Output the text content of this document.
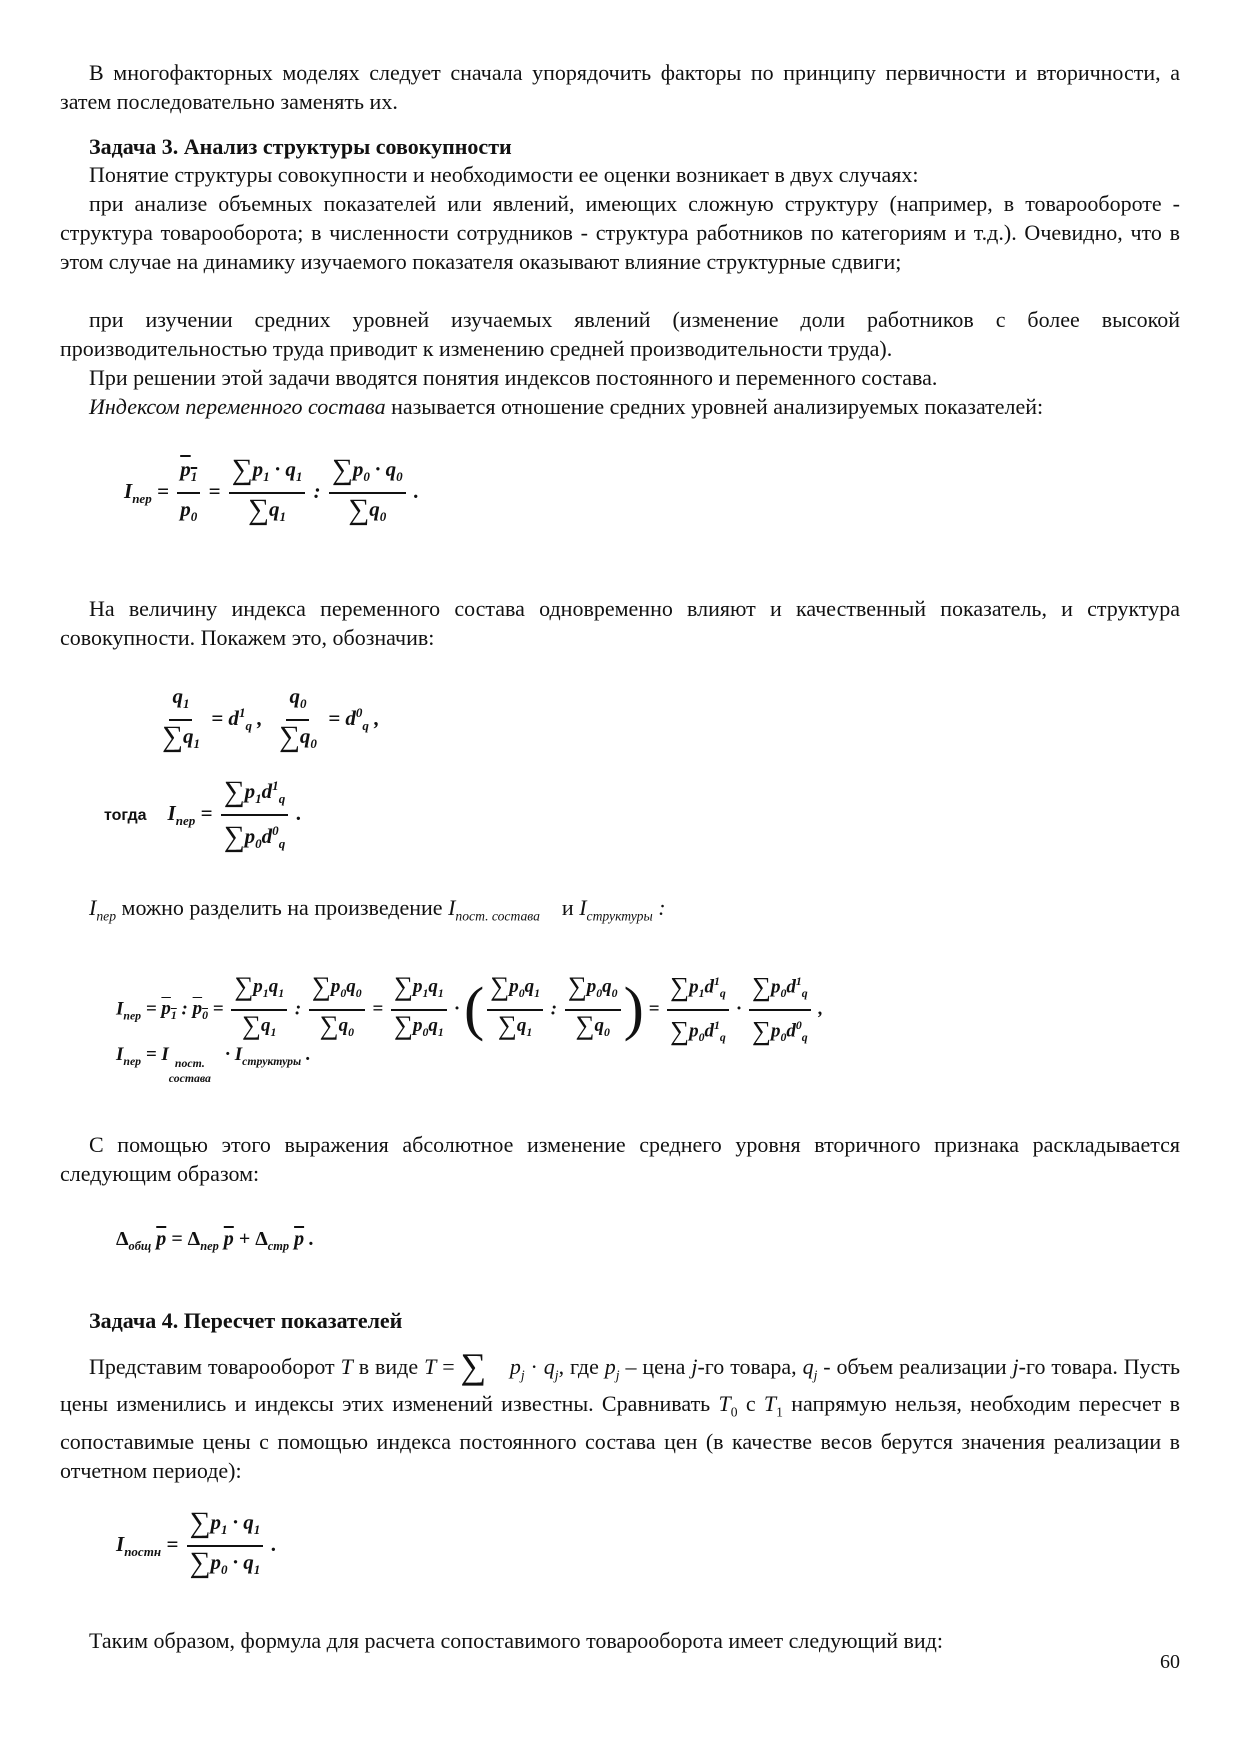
В многофакторных моделях следует сначала упорядочить факторы по принципу первичности и вторичности, а затем последовательно заменять их.

Задача 3. Анализ структуры совокупности

Понятие структуры совокупности и необходимости ее оценки возникает в двух случаях:

при анализе объемных показателей или явлений, имеющих сложную структуру (например, в товарообороте - структура товарооборота; в численности сотрудников - структура работников по категориям и т.д.). Очевидно, что в этом случае на динамику изучаемого показателя оказывают влияние структурные сдвиги;

при изучении средних уровней изучаемых явлений (изменение доли работников с более высокой производительностью труда приводит к изменению средней производительности труда).

При решении этой задачи вводятся понятия индексов постоянного и переменного состава.

Индексом переменного состава называется отношение средних уровней анализируемых показателей:

$I_{пер} = \frac{p_1}{p_0} = \frac{\sum p_1 \cdot q_1}{\sum q_1}$ : $\frac{\sum p_0 \cdot q_0}{\sum q_0}$ .

На величину индекса переменного состава одновременно влияют и качественный показатель, и структура совокупности. Покажем это, обозначив:

$\frac{q_1}{\sum q_1} = d^1_q$ , $\frac{q_0}{\sum q_0} = d^0_q$ ,
тогда $I_{пер} = \frac{\sum p_1d^1_q}{\sum p_0d^0_q}$ .

$I_{пер}$ можно разделить на произведение $I_{пост. состава}$ и $I_{структуры}$ :

$I_{пер} = p_1$ : $p_0 = \frac{\sum p_1q_1}{\sum q_1}$ : $\frac{\sum p_0q_0}{\sum q_0} = \frac{\sum p_1q_1}{\sum p_0q_1}$ · ( $\frac{\sum p_0q_1}{\sum q_1}$ : $\frac{\sum p_0q_0}{\sum q_0}$ ) = $\frac{\sum p_1d^1_q}{\sum p_0d^1_q} \cdot \frac{\sum p_0d^1_q}{\sum p_0d^0_q}$ ,
$I_{пер} = I$ пост.
состава   · $I_{структуры}$ .

С помощью этого выражения абсолютное изменение среднего уровня вторичного признака раскладывается следующим образом:

$\Delta_{общ}$ $\overline{p} = \Delta_{пер}$ $\overline{p} + \Delta_{стр}$ $\overline{p}$ .

Задача 4. Пересчет показателей

Представим товарооборот T в виде T = ∑ $p_j \cdot q_j$, где $p_j$ – цена j-го товара, $q_j$ - объем реализации j-го товара. Пусть цены изменились и индексы этих изменений известны. Сравнивать $T_0$ с $T_1$ напрямую нельзя, необходим пересчет в сопоставимые цены с помощью индекса постоянного состава цен (в качестве весов берутся значения реализации в отчетном периоде):

$I_{постн} = \frac{\sum p_1 \cdot q_1}{\sum p_0 \cdot q_1}$ .

Таким образом, формула для расчета сопоставимого товарооборота имеет следующий вид:

60
